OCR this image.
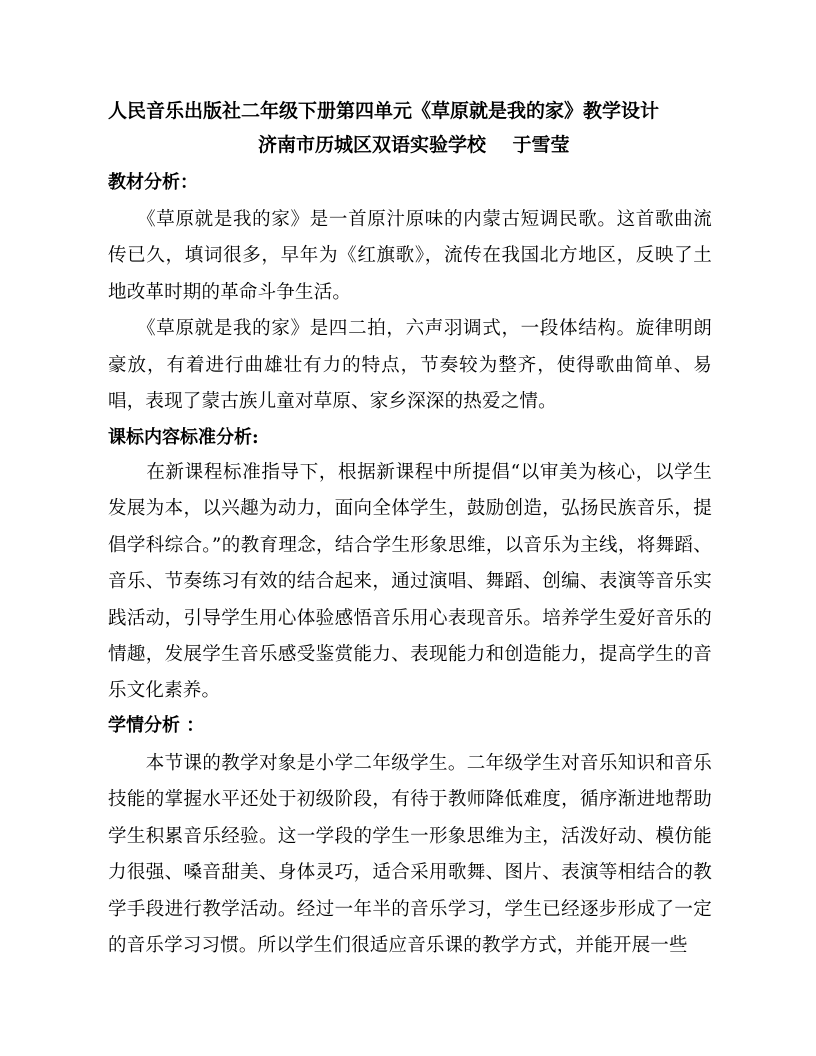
人民音乐出版社二年级下册第四单元《草原就是我的家》教学设计
济南市历城区双语实验学校    于雪莹
教材分析：

　　《草原就是我的家》是一首原汁原味的内蒙古短调民歌。这首歌曲流传已久，填词很多，早年为《红旗歌》，流传在我国北方地区，反映了土地改革时期的革命斗争生活。

　　《草原就是我的家》是四二拍，六声羽调式，一段体结构。旋律明朗豪放，有着进行曲雄壮有力的特点，节奏较为整齐，使得歌曲简单、易唱，表现了蒙古族儿童对草原、家乡深深的热爱之情。

课标内容标准分析:

　　在新课程标准指导下，根据新课程中所提倡“以审美为核心，以学生发展为本，以兴趣为动力，面向全体学生，鼓励创造，弘扬民族音乐，提倡学科综合。”的教育理念，结合学生形象思维，以音乐为主线，将舞蹈、音乐、节奏练习有效的结合起来，通过演唱、舞蹈、创编、表演等音乐实践活动，引导学生用心体验感悟音乐用心表现音乐。培养学生爱好音乐的情趣，发展学生音乐感受鉴赏能力、表现能力和创造能力，提高学生的音乐文化素养。

学情分析 ：

　　本节课的教学对象是小学二年级学生。二年级学生对音乐知识和音乐技能的掌握水平还处于初级阶段，有待于教师降低难度，循序渐进地帮助学生积累音乐经验。这一学段的学生一形象思维为主，活泼好动、模仿能力很强、嗓音甜美、身体灵巧，适合采用歌舞、图片、表演等相结合的教学手段进行教学活动。经过一年半的音乐学习，学生已经逐步形成了一定的音乐学习习惯。所以学生们很适应音乐课的教学方式，并能开展一些
